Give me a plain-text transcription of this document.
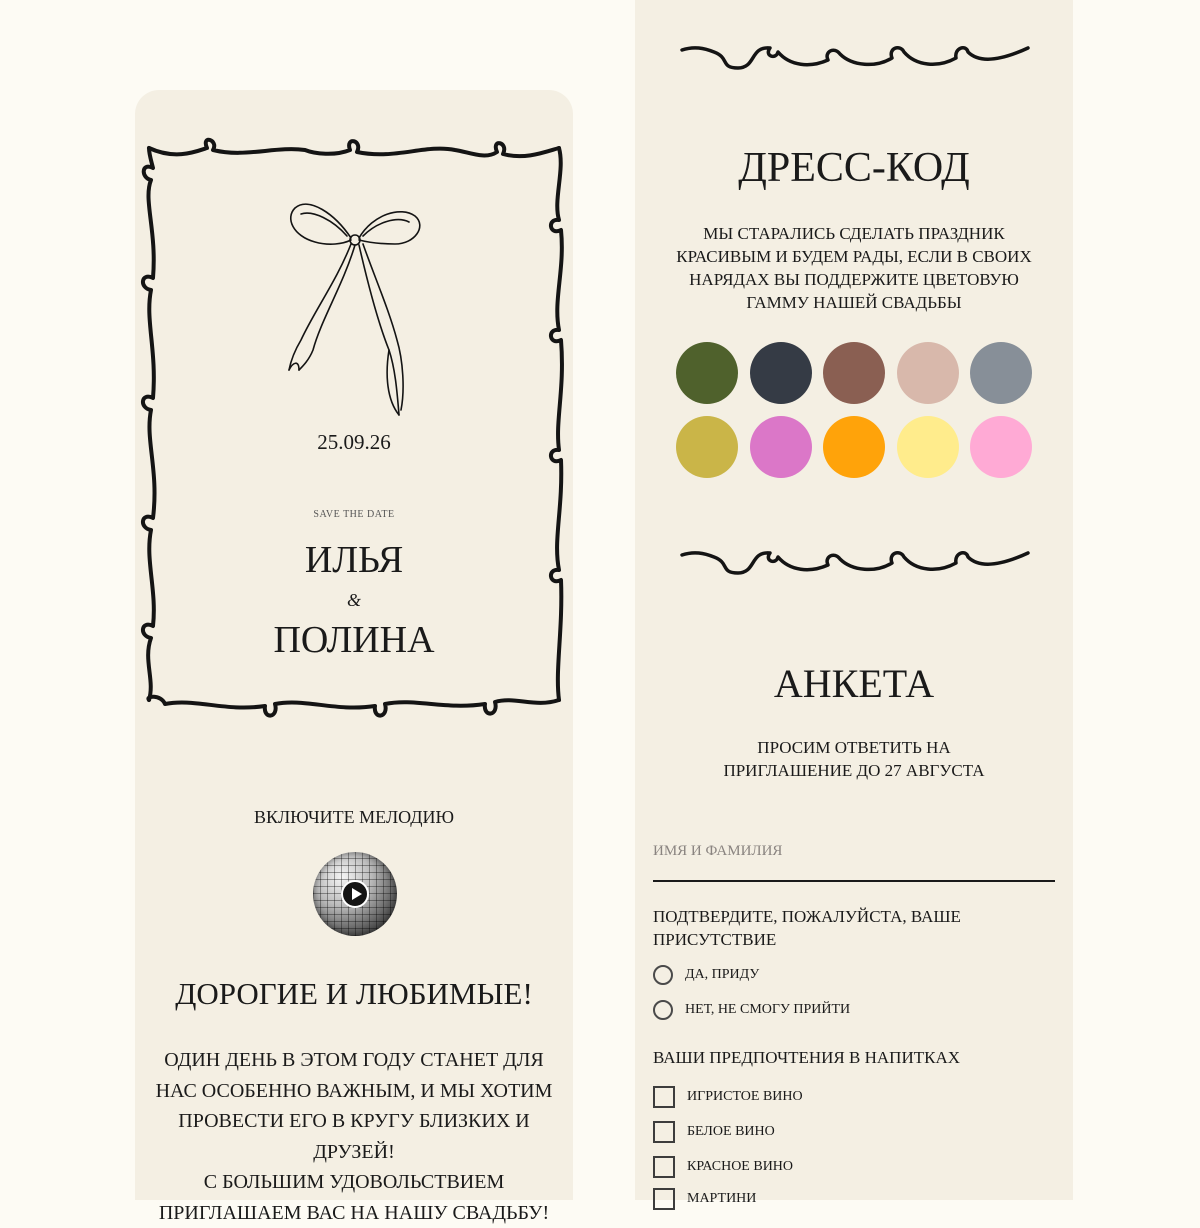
25.09.26
SAVE THE DATE
ИЛЬЯ
&
ПОЛИНА
ВКЛЮЧИТЕ МЕЛОДИЮ
ДОРОГИЕ И ЛЮБИМЫЕ!
ОДИН ДЕНЬ В ЭТОМ ГОДУ СТАНЕТ ДЛЯ
НАС ОСОБЕННО ВАЖНЫМ, И МЫ ХОТИМ
ПРОВЕСТИ ЕГО В КРУГУ БЛИЗКИХ И ДРУЗЕЙ!
С БОЛЬШИМ УДОВОЛЬСТВИЕМ
ПРИГЛАШАЕМ ВАС НА НАШУ СВАДЬБУ!
ДРЕСС-КОД
МЫ СТАРАЛИСЬ СДЕЛАТЬ ПРАЗДНИК
КРАСИВЫМ И БУДЕМ РАДЫ, ЕСЛИ В СВОИХ
НАРЯДАХ ВЫ ПОДДЕРЖИТЕ ЦВЕТОВУЮ
ГАММУ НАШЕЙ СВАДЬБЫ
АНКЕТА
ПРОСИМ ОТВЕТИТЬ НА
ПРИГЛАШЕНИЕ ДО 27 АВГУСТА
ИМЯ И ФАМИЛИЯ
ПОДТВЕРДИТЕ, ПОЖАЛУЙСТА, ВАШЕ
ПРИСУТСТВИЕ
ДА, ПРИДУ
НЕТ, НЕ СМОГУ ПРИЙТИ
ВАШИ ПРЕДПОЧТЕНИЯ В НАПИТКАХ
ИГРИСТОЕ ВИНО
БЕЛОЕ ВИНО
КРАСНОЕ ВИНО
МАРТИНИ
